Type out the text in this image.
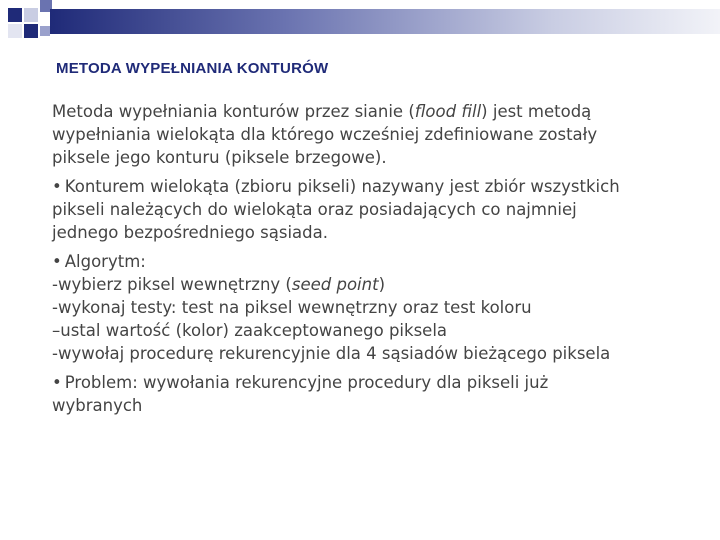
METODA WYPEŁNIANIA KONTURÓW
Metoda wypełniania konturów przez sianie (flood fill) jest metodą
wypełniania wielokąta dla którego wcześniej zdefiniowane zostały
piksele jego konturu (piksele brzegowe).
• Konturem wielokąta (zbioru pikseli) nazywany jest zbiór wszystkich
pikseli należących do wielokąta oraz posiadających co najmniej
jednego bezpośredniego sąsiada.
• Algorytm:
-wybierz piksel wewnętrzny (seed point)
-wykonaj testy: test na piksel wewnętrzny oraz test koloru
–ustal wartość (kolor) zaakceptowanego piksela
-wywołaj procedurę rekurencyjnie dla 4 sąsiadów bieżącego piksela
• Problem: wywołania rekurencyjne procedury dla pikseli już
wybranych
